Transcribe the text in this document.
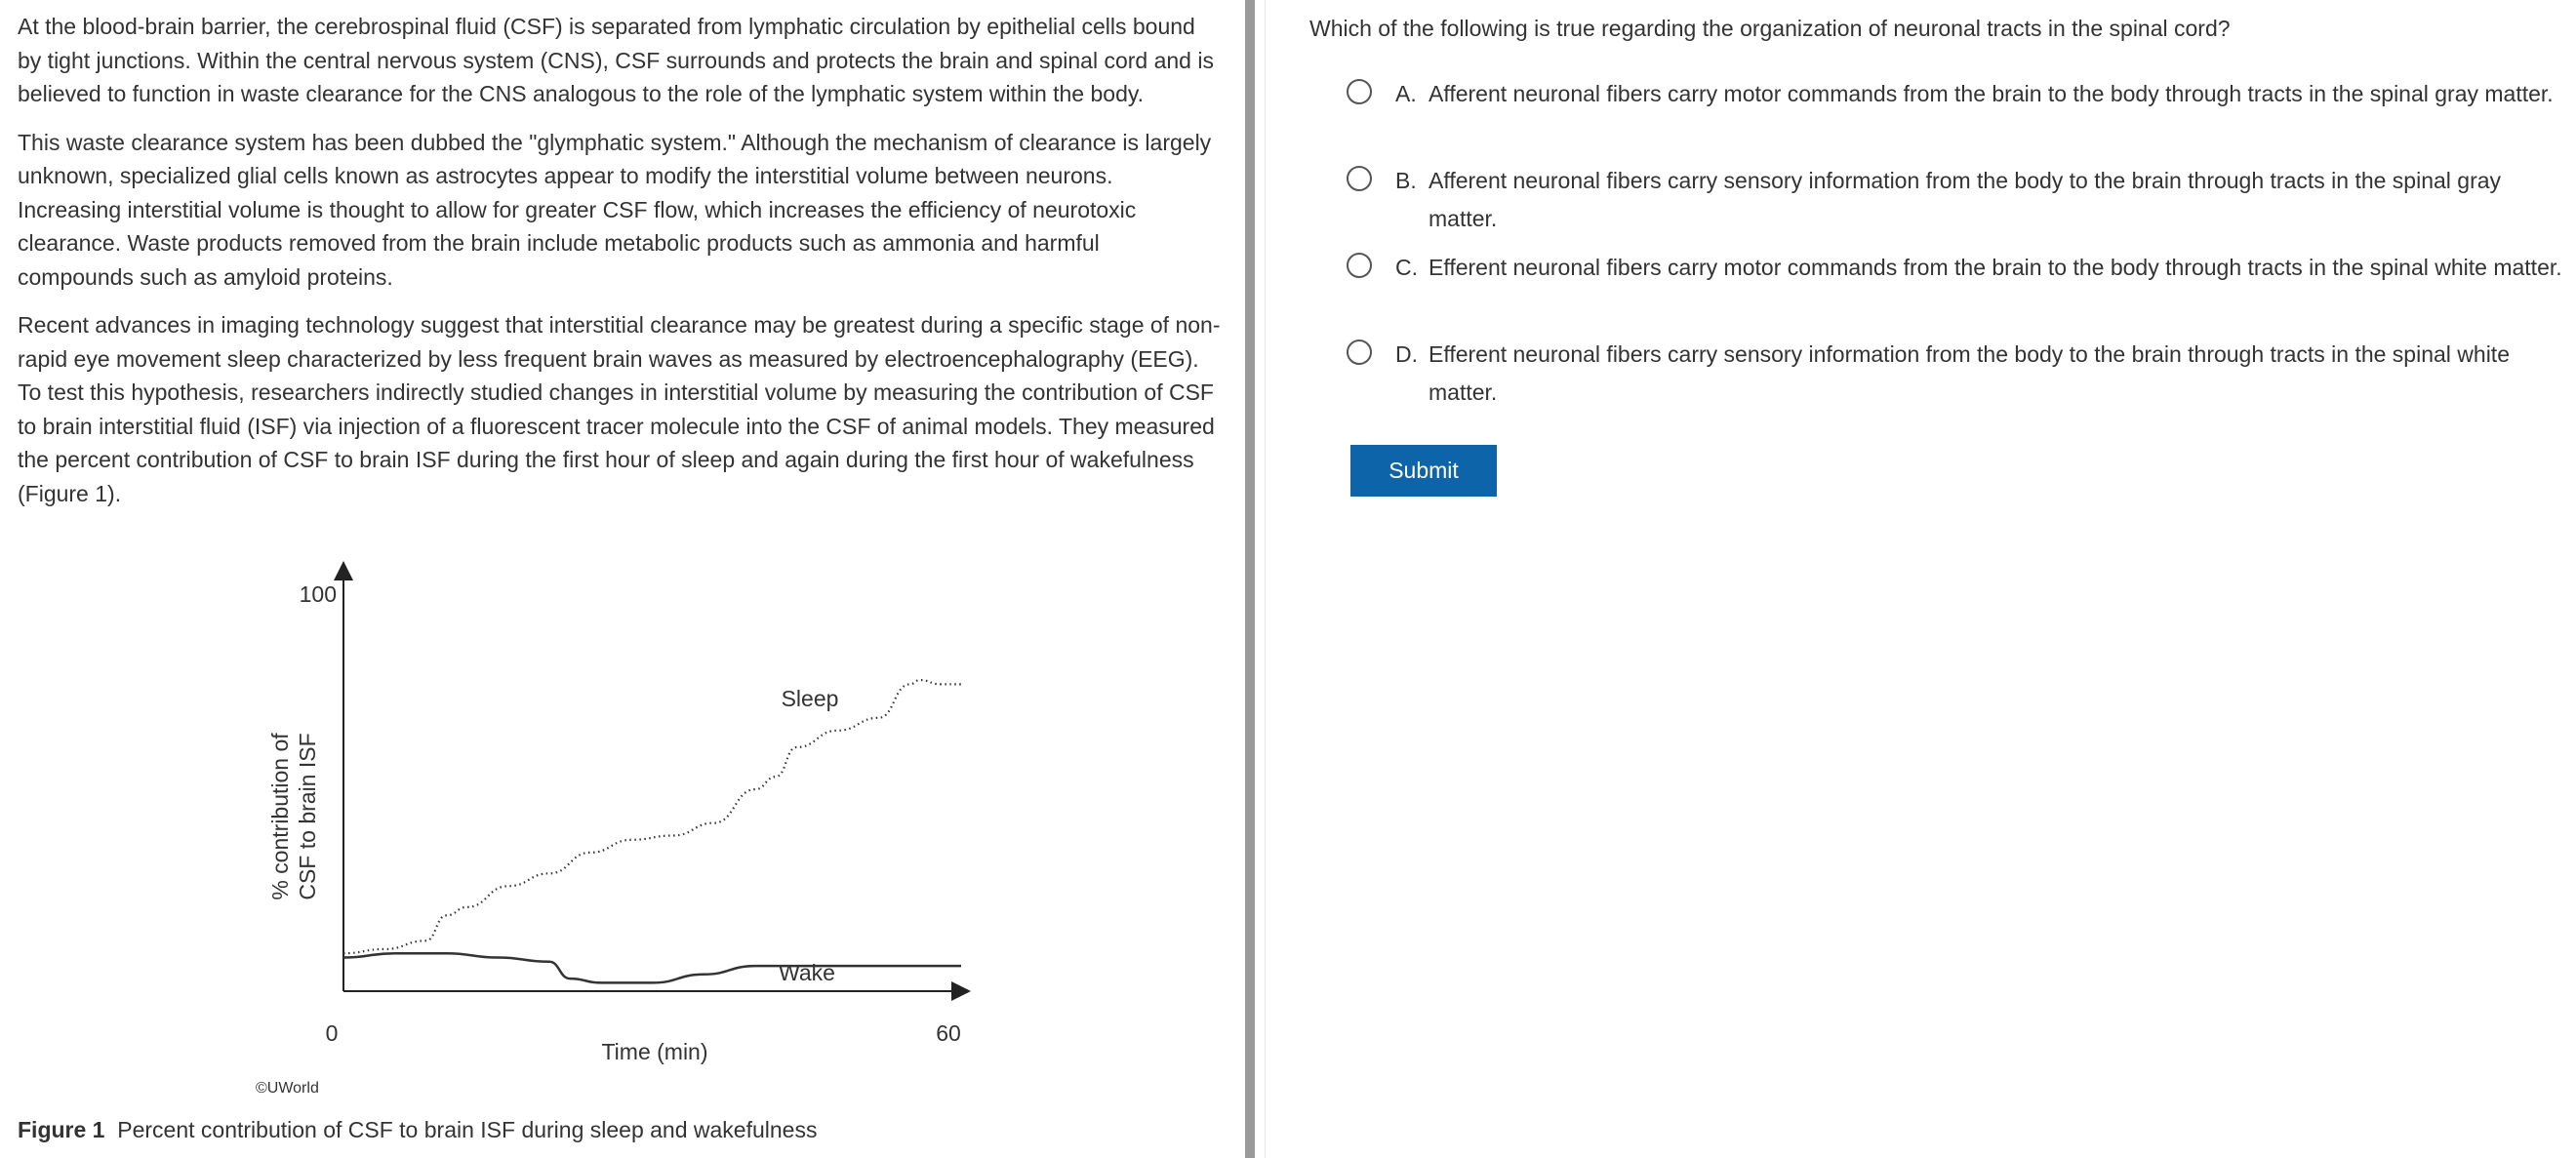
At the blood-brain barrier, the cerebrospinal fluid (CSF) is separated from lymphatic circulation by epithelial cells bound by tight junctions. Within the central nervous system (CNS), CSF surrounds and protects the brain and spinal cord and is believed to function in waste clearance for the CNS analogous to the role of the lymphatic system within the body.

This waste clearance system has been dubbed the "glymphatic system." Although the mechanism of clearance is largely unknown, specialized glial cells known as astrocytes appear to modify the interstitial volume between neurons. Increasing interstitial volume is thought to allow for greater CSF flow, which increases the efficiency of neurotoxic clearance. Waste products removed from the brain include metabolic products such as ammonia and harmful compounds such as amyloid proteins.

Recent advances in imaging technology suggest that interstitial clearance may be greatest during a specific stage of non-rapid eye movement sleep characterized by less frequent brain waves as measured by electroencephalography (EEG). To test this hypothesis, researchers indirectly studied changes in interstitial volume by measuring the contribution of CSF to brain interstitial fluid (ISF) via injection of a fluorescent tracer molecule into the CSF of animal models. They measured the percent contribution of CSF to brain ISF during the first hour of sleep and again during the first hour of wakefulness (Figure 1).

100
0	60
Time (min)
% contribution of CSF to brain ISF
Sleep
Wake
©UWorld
Figure 1 Percent contribution of CSF to brain ISF during sleep and wakefulness
Which of the following is true regarding the organization of neuronal tracts in the spinal cord?
A. Afferent neuronal fibers carry motor commands from the brain to the body through tracts in the spinal gray matter.
B. Afferent neuronal fibers carry sensory information from the body to the brain through tracts in the spinal gray matter.
C. Efferent neuronal fibers carry motor commands from the brain to the body through tracts in the spinal white matter.
D. Efferent neuronal fibers carry sensory information from the body to the brain through tracts in the spinal white matter.
Submit
